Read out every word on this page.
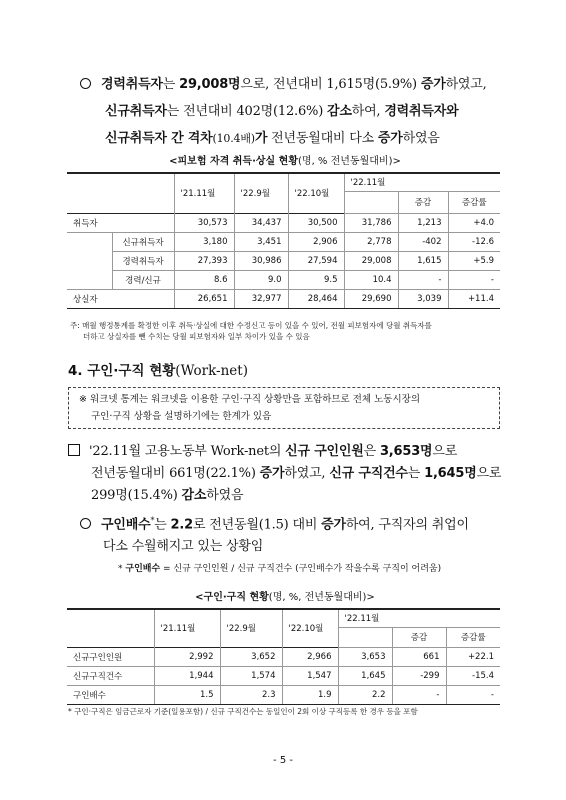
경력취득자는 29,008명으로, 전년대비 1,615명(5.9%) 증가하였고,
신규취득자는 전년대비 402명(12.6%) 감소하여, 경력취득자와
신규취득자 간 격차(10.4배)가 전년동월대비 다소 증가하였음
<피보험 자격 취득·상실 현황(명, % 전년동월대비)>
		'21.11월	'22.9월	'22.10월	'22.11월		
						증감	증감률
취득자		30,573	34,437	30,500	31,786	1,213	+4.0
	신규취득자	3,180	3,451	2,906	2,778	-402	-12.6
	경력취득자	27,393	30,986	27,594	29,008	1,615	+5.9
	경력/신규	8.6	9.0	9.5	10.4	-	-
상실자		26,651	32,977	28,464	29,690	3,039	+11.4
주: 매월 행정통계를 확정한 이후 취득·상실에 대한 수정신고 등이 있을 수 있어, 전월 피보험자에 당월 취득자를
더하고 상실자를 뺀 수치는 당월 피보험자와 일부 차이가 있을 수 있음
4. 구인·구직 현황(Work-net)
※ 워크넷 통계는 워크넷을 이용한 구인·구직 상황만을 포함하므로 전체 노동시장의
구인·구직 상황을 설명하기에는 한계가 있음
'22.11월 고용노동부 Work-net의 신규 구인인원은 3,653명으로
전년동월대비 661명(22.1%) 증가하였고, 신규 구직건수는 1,645명으로
299명(15.4%) 감소하였음
구인배수*는 2.2로 전년동월(1.5) 대비 증가하여, 구직자의 취업이
다소 수월해지고 있는 상황임
* 구인배수 = 신규 구인인원 / 신규 구직건수 (구인배수가 작을수록 구직이 어려움)
<구인·구직 현황(명, %, 전년동월대비)>
	'21.11월	'22.9월	'22.10월	'22.11월		
					증감	증감률
신규구인인원	2,992	3,652	2,966	3,653	661	+22.1
신규구직건수	1,944	1,574	1,547	1,645	-299	-15.4
구인배수	1.5	2.3	1.9	2.2	-	-
* 구인·구직은 임금근로자 기준(일용포함) / 신규 구직건수는 동일인이 2회 이상 구직등록 한 경우 등을 포함
- 5 -
